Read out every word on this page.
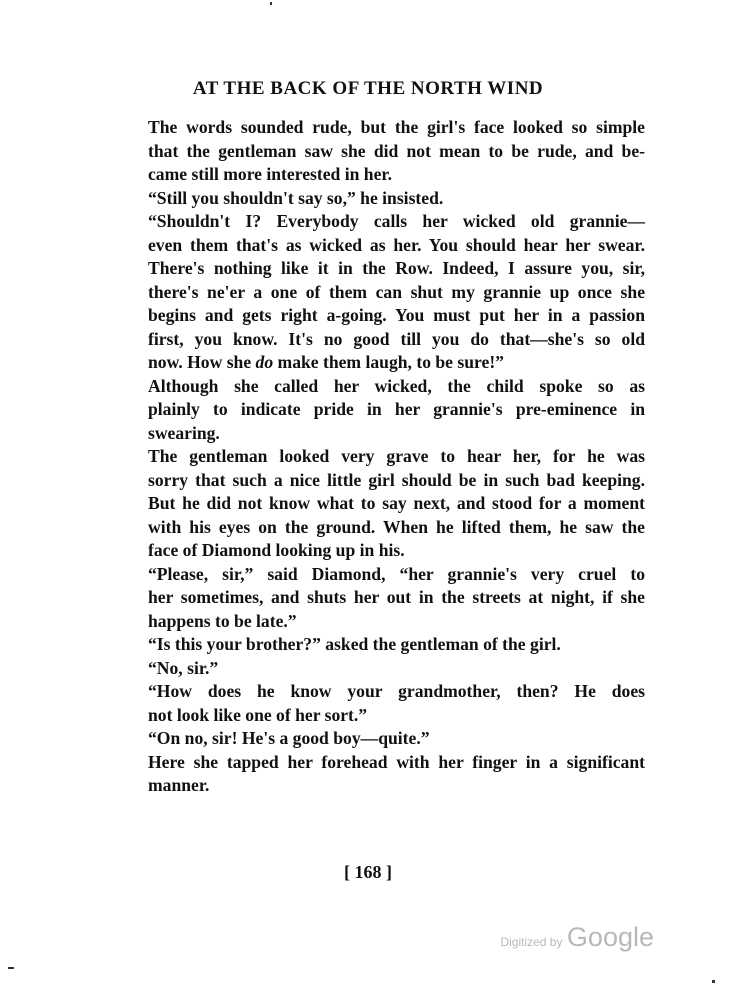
AT THE BACK OF THE NORTH WIND

The words sounded rude, but the girl's face looked so simple
that the gentleman saw she did not mean to be rude, and be-
came still more interested in her.

“Still you shouldn't say so,” he insisted.

“Shouldn't I? Everybody calls her wicked old grannie—
even them that's as wicked as her. You should hear her swear.
There's nothing like it in the Row. Indeed, I assure you, sir,
there's ne'er a one of them can shut my grannie up once she
begins and gets right a-going. You must put her in a passion
first, you know. It's no good till you do that—she's so old
now. How she do make them laugh, to be sure!”

Although she called her wicked, the child spoke so as
plainly to indicate pride in her grannie's pre-eminence in
swearing.

The gentleman looked very grave to hear her, for he was
sorry that such a nice little girl should be in such bad keeping.
But he did not know what to say next, and stood for a moment
with his eyes on the ground. When he lifted them, he saw the
face of Diamond looking up in his.

“Please, sir,” said Diamond, “her grannie's very cruel to
her sometimes, and shuts her out in the streets at night, if she
happens to be late.”

“Is this your brother?” asked the gentleman of the girl.

“No, sir.”

“How does he know your grandmother, then? He does
not look like one of her sort.”

“On no, sir! He's a good boy—quite.”

Here she tapped her forehead with her finger in a significant
manner.

[ 168 ]
Digitized by Google
